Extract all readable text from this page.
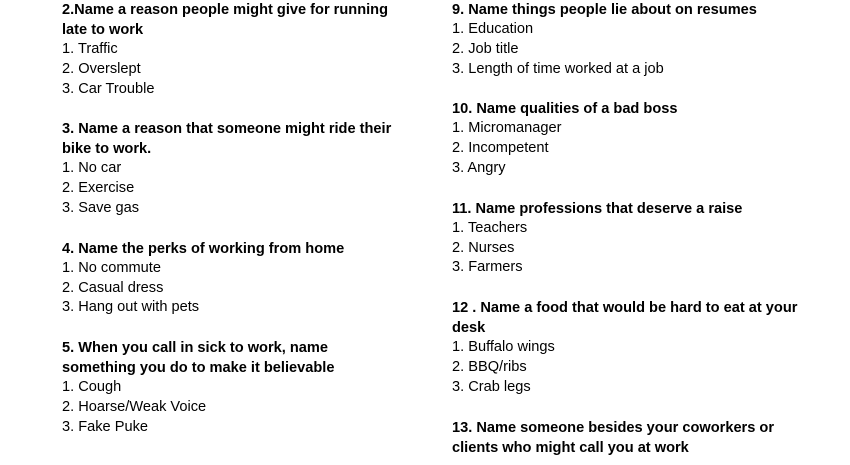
2.Name a reason people might give for running late to work

1. Traffic
2. Overslept
3. Car Trouble

3. Name a reason that someone might ride their bike to work.

1. No car
2. Exercise
3. Save gas

4. Name the perks of working from home

1. No commute
2. Casual dress
3. Hang out with pets

5. When you call in sick to work, name something you do to make it believable

1. Cough
2. Hoarse/Weak Voice
3. Fake Puke

9. Name things people lie about on resumes

1. Education
2. Job title
3. Length of time worked at a job

10. Name qualities of a bad boss

1. Micromanager
2. Incompetent
3. Angry

11. Name professions that deserve a raise

1. Teachers
2. Nurses
3. Farmers

12 . Name a food that would be hard to eat at your desk

1. Buffalo wings
2. BBQ/ribs
3. Crab legs

13. Name someone besides your coworkers or clients who might call you at work
